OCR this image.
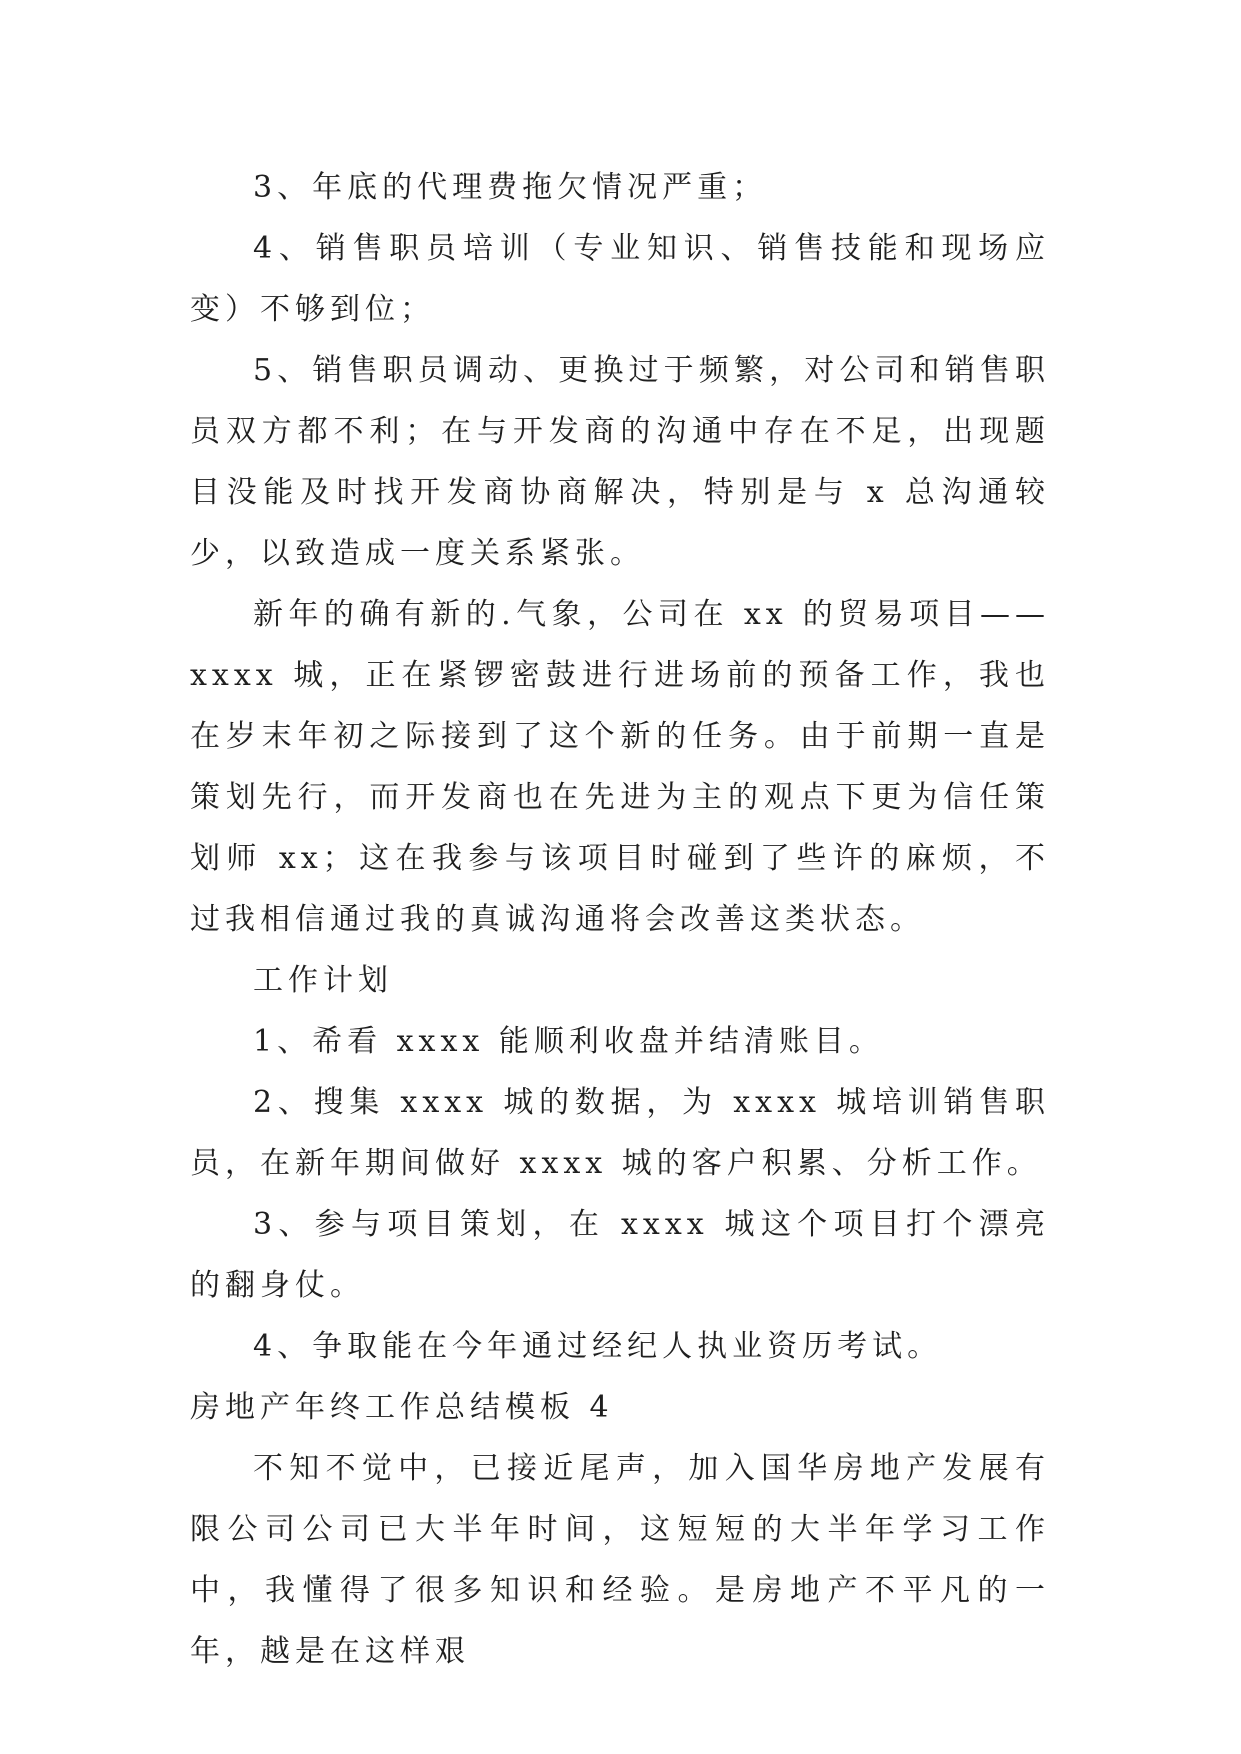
3、年底的代理费拖欠情况严重；

4、销售职员培训（专业知识、销售技能和现场应变）不够到位；

5、销售职员调动、更换过于频繁，对公司和销售职员双方都不利；在与开发商的沟通中存在不足，出现题目没能及时找开发商协商解决，特别是与 x 总沟通较少，以致造成一度关系紧张。

新年的确有新的.气象，公司在 xx 的贸易项目——xxxx 城，正在紧锣密鼓进行进场前的预备工作，我也在岁末年初之际接到了这个新的任务。由于前期一直是策划先行，而开发商也在先进为主的观点下更为信任策划师 xx；这在我参与该项目时碰到了些许的麻烦，不过我相信通过我的真诚沟通将会改善这类状态。

工作计划

1、希看 xxxx 能顺利收盘并结清账目。

2、搜集 xxxx 城的数据，为 xxxx 城培训销售职员，在新年期间做好 xxxx 城的客户积累、分析工作。

3、参与项目策划，在 xxxx 城这个项目打个漂亮的翻身仗。

4、争取能在今年通过经纪人执业资历考试。

房地产年终工作总结模板 4

不知不觉中，已接近尾声，加入国华房地产发展有限公司公司已大半年时间，这短短的大半年学习工作中，我懂得了很多知识和经验。是房地产不平凡的一年，越是在这样艰
